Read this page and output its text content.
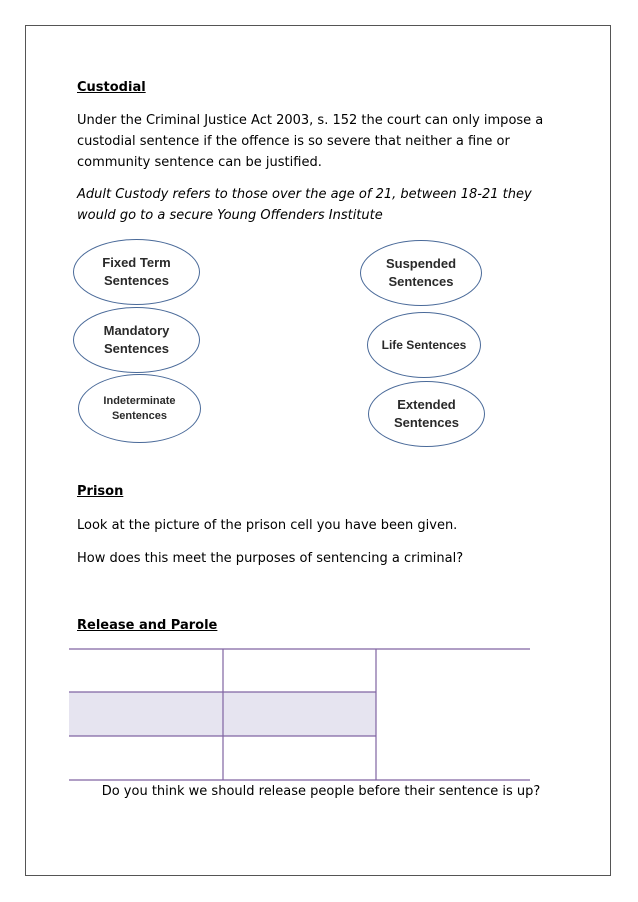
Custodial

Under the Criminal Justice Act 2003, s. 152 the court can only impose a custodial sentence if the offence is so severe that neither a fine or community sentence can be justified.

Adult Custody refers to those over the age of 21, between 18-21 they would go to a secure Young Offenders Institute

Fixed Term
Sentences
Mandatory
Sentences
Indeterminate
Sentences
Suspended
Sentences
Life Sentences
Extended
Sentences

Prison

Look at the picture of the prison cell you have been given.

How does this meet the purposes of sentencing a criminal?

Release and Parole

Do you think we should release people before their sentence is up?
